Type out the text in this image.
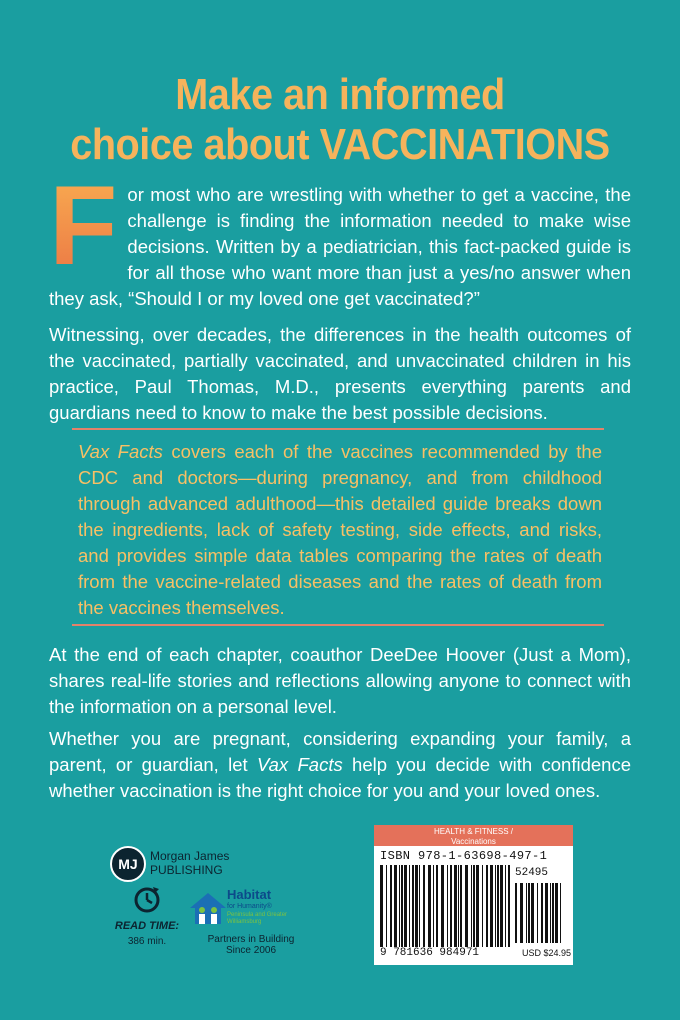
Make an informed
choice about VACCINATIONS
F or most who are wrestling with whether to get a vaccine, the challenge is finding the information needed to make wise decisions. Written by a pediatrician, this fact-packed guide is for all those who want more than just a yes/no answer when they ask, “Should I or my loved one get vaccinated?”
Witnessing, over decades, the differences in the health outcomes of the vaccinated, partially vaccinated, and unvaccinated children in his practice, Paul Thomas, M.D., presents everything parents and guardians need to know to make the best possible decisions.
Vax Facts covers each of the vaccines recommended by the CDC and doctors—during pregnancy, and from childhood through advanced adulthood—this detailed guide breaks down the ingredients, lack of safety testing, side effects, and risks, and provides simple data tables comparing the rates of death from the vaccine-related diseases and the rates of death from the vaccines themselves.
At the end of each chapter, coauthor DeeDee Hoover (Just a Mom), shares real-life stories and reflections allowing anyone to connect with the information on a personal level.
Whether you are pregnant, considering expanding your family, a parent, or guardian, let Vax Facts help you decide with confidence whether vaccination is the right choice for you and your loved ones.
MJ	Morgan James
PUBLISHING
READ TIME:
386 min.
Habitat
for Humanity®
Peninsula and Greater Williamsburg
Partners in Building
Since 2006
HEALTH & FITNESS /
Vaccinations
ISBN 978-1-63698-497-1
52495
9 781636 984971	USD $24.95
